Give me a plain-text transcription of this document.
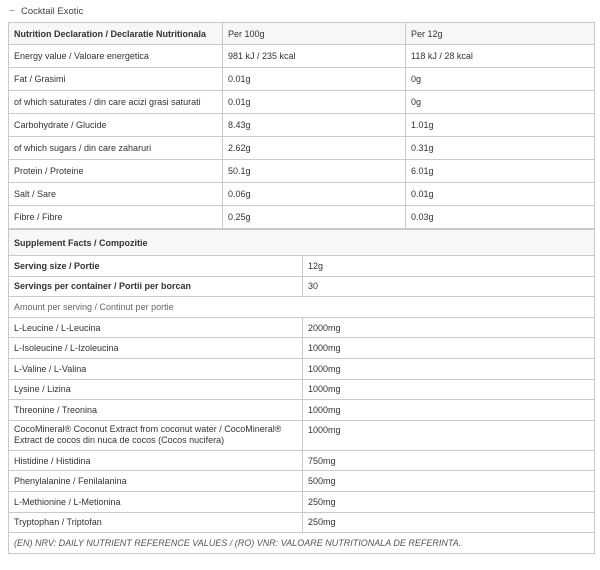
− Cocktail Exotic
Nutrition Declaration / Declaratie Nutritionala	Per 100g	Per 12g
Energy value / Valoare energetica	981 kJ / 235 kcal	118 kJ / 28 kcal
Fat / Grasimi	0.01g	0g
of which saturates / din care acizi grasi saturati	0.01g	0g
Carbohydrate / Glucide	8.43g	1.01g
of which sugars / din care zaharuri	2.62g	0.31g
Protein / Proteine	50.1g	6.01g
Salt / Sare	0.06g	0.01g
Fibre / Fibre	0.25g	0.03g
Supplement Facts / Compozitie	
Serving size / Portie	12g
Servings per container / Portii per borcan	30
Amount per serving / Continut per portie	
L-Leucine / L-Leucina	2000mg
L-Isoleucine / L-Izoleucina	1000mg
L-Valine / L-Valina	1000mg
Lysine / Lizina	1000mg
Threonine / Treonina	1000mg
CocoMineral® Coconut Extract from coconut water / CocoMineral® Extract de cocos din nuca de cocos (Cocos nucifera)	1000mg
Histidine / Histidina	750mg
Phenylalanine / Fenilalanina	500mg
L-Methionine / L-Metionina	250mg
Tryptophan / Triptofan	250mg
(EN) NRV: DAILY NUTRIENT REFERENCE VALUES / (RO) VNR: VALOARE NUTRITIONALA DE REFERINTA.	
